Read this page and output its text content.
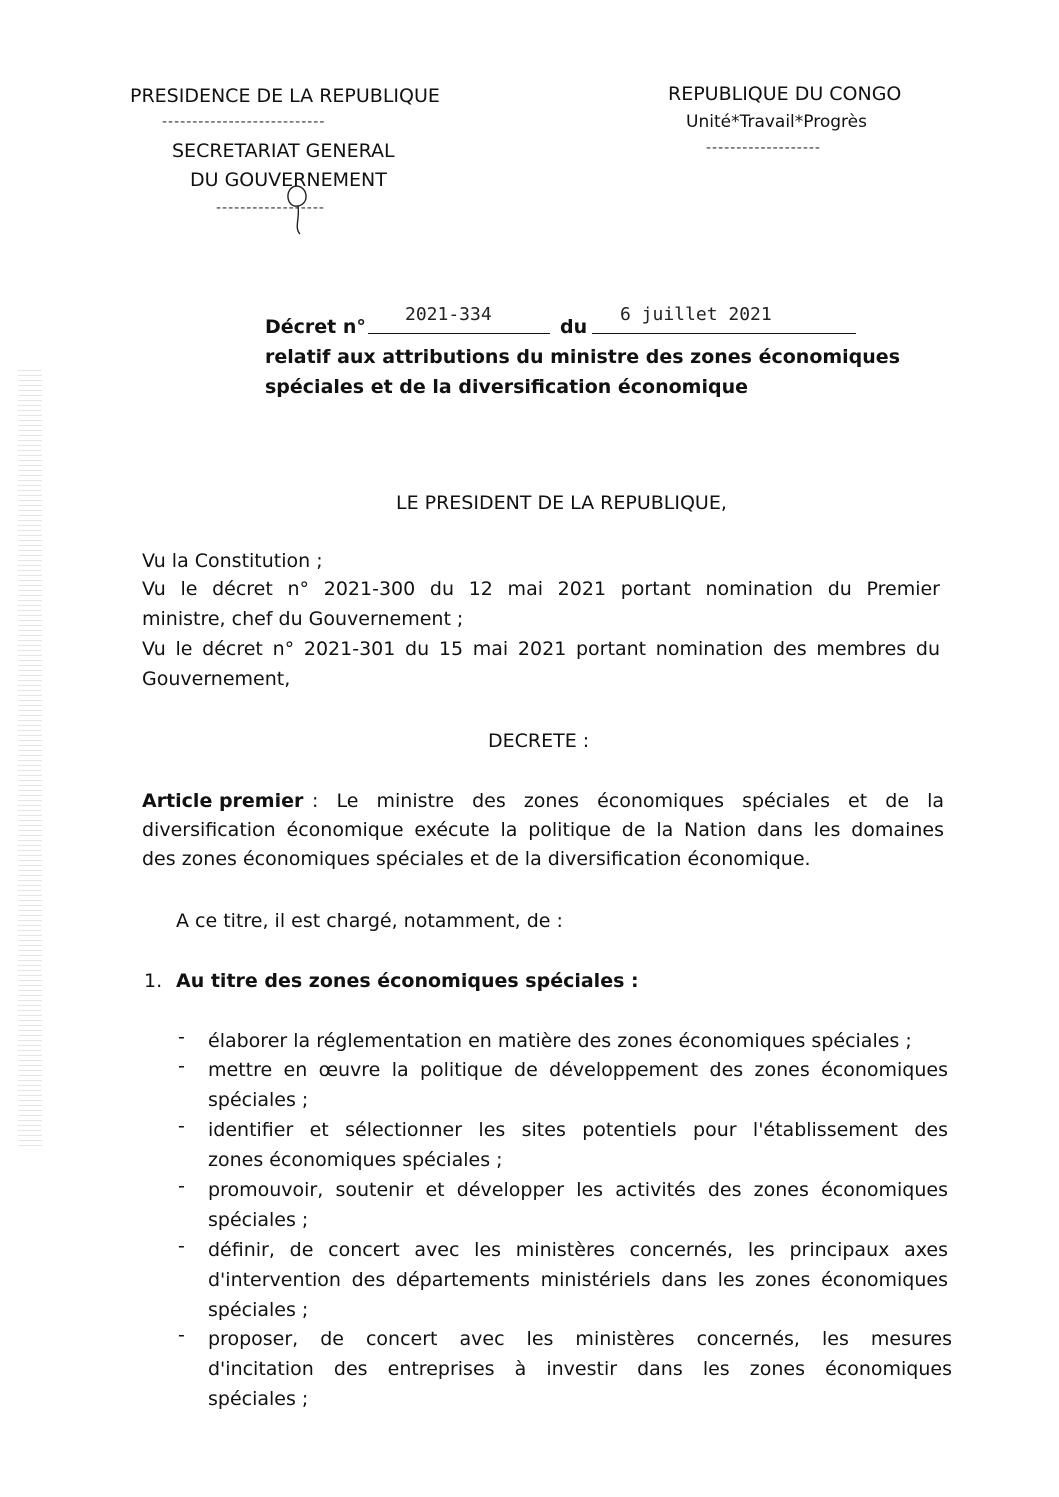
PRESIDENCE DE LA REPUBLIQUE
---------------------------
SECRETARIAT GENERAL
DU GOUVERNEMENT
------------------
REPUBLIQUE DU CONGO
Unité*Travail*Progrès
-------------------
Décret n°
2021-334
du
6 juillet 2021
relatif aux attributions du ministre des zones économiques
spéciales et de la diversification économique
LE PRESIDENT DE LA REPUBLIQUE,
Vu la Constitution ;
Vu le décret n° 2021-300 du 12 mai 2021 portant nomination du Premier
ministre, chef du Gouvernement ;
Vu le décret n° 2021-301 du 15 mai 2021 portant nomination des membres du
Gouvernement,
DECRETE :
Article premier : Le ministre des zones économiques spéciales et de la
diversification économique exécute la politique de la Nation dans les domaines
des zones économiques spéciales et de la diversification économique.
A ce titre, il est chargé, notamment, de :
1. Au titre des zones économiques spéciales :
- élaborer la réglementation en matière des zones économiques spéciales ;
- mettre en œuvre la politique de développement des zones économiques
spéciales ;
- identifier et sélectionner les sites potentiels pour l'établissement des
zones économiques spéciales ;
- promouvoir, soutenir et développer les activités des zones économiques
spéciales ;
- définir, de concert avec les ministères concernés, les principaux axes
d'intervention des départements ministériels dans les zones économiques
spéciales ;
- proposer, de concert avec les ministères concernés, les mesures
d'incitation des entreprises à investir dans les zones économiques
spéciales ;
